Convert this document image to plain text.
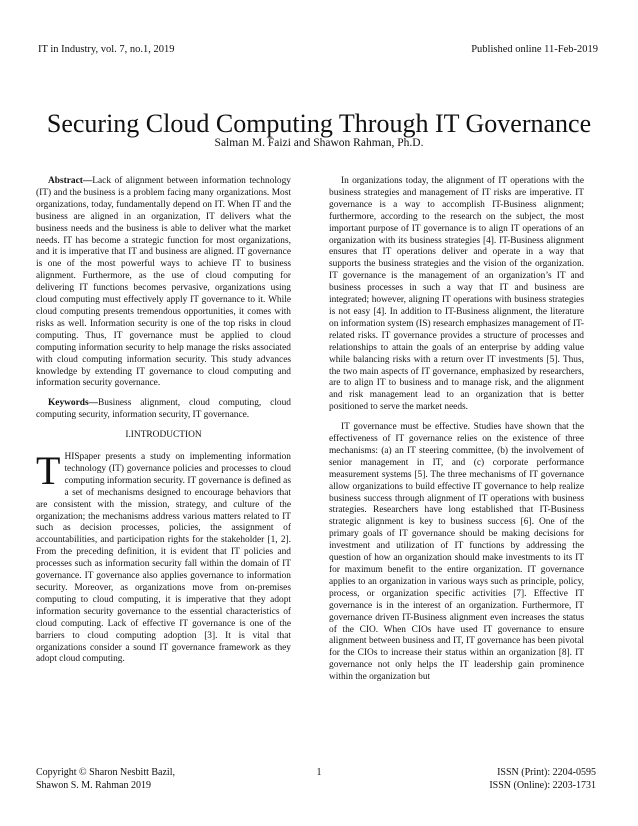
IT in Industry, vol. 7, no.1, 2019	Published online 11-Feb-2019
Securing Cloud Computing Through IT Governance
Salman M. Faizi and Shawon Rahman, Ph.D.

Abstract—Lack of alignment between information technology (IT) and the business is a problem facing many organizations. Most organizations, today, fundamentally depend on IT. When IT and the business are aligned in an organization, IT delivers what the business needs and the business is able to deliver what the market needs. IT has become a strategic function for most organizations, and it is imperative that IT and business are aligned. IT governance is one of the most powerful ways to achieve IT to business alignment. Furthermore, as the use of cloud computing for delivering IT functions becomes pervasive, organizations using cloud computing must effectively apply IT governance to it. While cloud computing presents tremendous opportunities, it comes with risks as well. Information security is one of the top risks in cloud computing. Thus, IT governance must be applied to cloud computing information security to help manage the risks associated with cloud computing information security. This study advances knowledge by extending IT governance to cloud computing and information security governance.

Keywords—Business alignment, cloud computing, cloud computing security, information security, IT governance.

I.INTRODUCTION

T HISpaper presents a study on implementing information technology (IT) governance policies and processes to cloud computing information security. IT governance is defined as a set of mechanisms designed to encourage behaviors that are consistent with the mission, strategy, and culture of the organization; the mechanisms address various matters related to IT such as decision processes, policies, the assignment of accountabilities, and participation rights for the stakeholder [1, 2]. From the preceding definition, it is evident that IT policies and processes such as information security fall within the domain of IT governance. IT governance also applies governance to information security. Moreover, as organizations move from on-premises computing to cloud computing, it is imperative that they adopt information security governance to the essential characteristics of cloud computing. Lack of effective IT governance is one of the barriers to cloud computing adoption [3]. It is vital that organizations consider a sound IT governance framework as they adopt cloud computing.

In organizations today, the alignment of IT operations with the business strategies and management of IT risks are imperative. IT governance is a way to accomplish IT-Business alignment; furthermore, according to the research on the subject, the most important purpose of IT governance is to align IT operations of an organization with its business strategies [4]. IT-Business alignment ensures that IT operations deliver and operate in a way that supports the business strategies and the vision of the organization. IT governance is the management of an organization’s IT and business processes in such a way that IT and business are integrated; however, aligning IT operations with business strategies is not easy [4]. In addition to IT-Business alignment, the literature on information system (IS) research emphasizes management of IT-related risks. IT governance provides a structure of processes and relationships to attain the goals of an enterprise by adding value while balancing risks with a return over IT investments [5]. Thus, the two main aspects of IT governance, emphasized by researchers, are to align IT to business and to manage risk, and the alignment and risk management lead to an organization that is better positioned to serve the market needs.

IT governance must be effective. Studies have shown that the effectiveness of IT governance relies on the existence of three mechanisms: (a) an IT steering committee, (b) the involvement of senior management in IT, and (c) corporate performance measurement systems [5]. The three mechanisms of IT governance allow organizations to build effective IT governance to help realize business success through alignment of IT operations with business strategies. Researchers have long established that IT-Business strategic alignment is key to business success [6]. One of the primary goals of IT governance should be making decisions for investment and utilization of IT functions by addressing the question of how an organization should make investments to its IT for maximum benefit to the entire organization. IT governance applies to an organization in various ways such as principle, policy, process, or organization specific activities [7]. Effective IT governance is in the interest of an organization. Furthermore, IT governance driven IT-Business alignment even increases the status of the CIO. When CIOs have used IT governance to ensure alignment between business and IT, IT governance has been pivotal for the CIOs to increase their status within an organization [8]. IT governance not only helps the IT leadership gain prominence within the organization but

Copyright © Sharon Nesbitt Bazil,
Shawon S. M. Rahman 2019
1	ISSN (Print): 2204-0595
ISSN (Online): 2203-1731
